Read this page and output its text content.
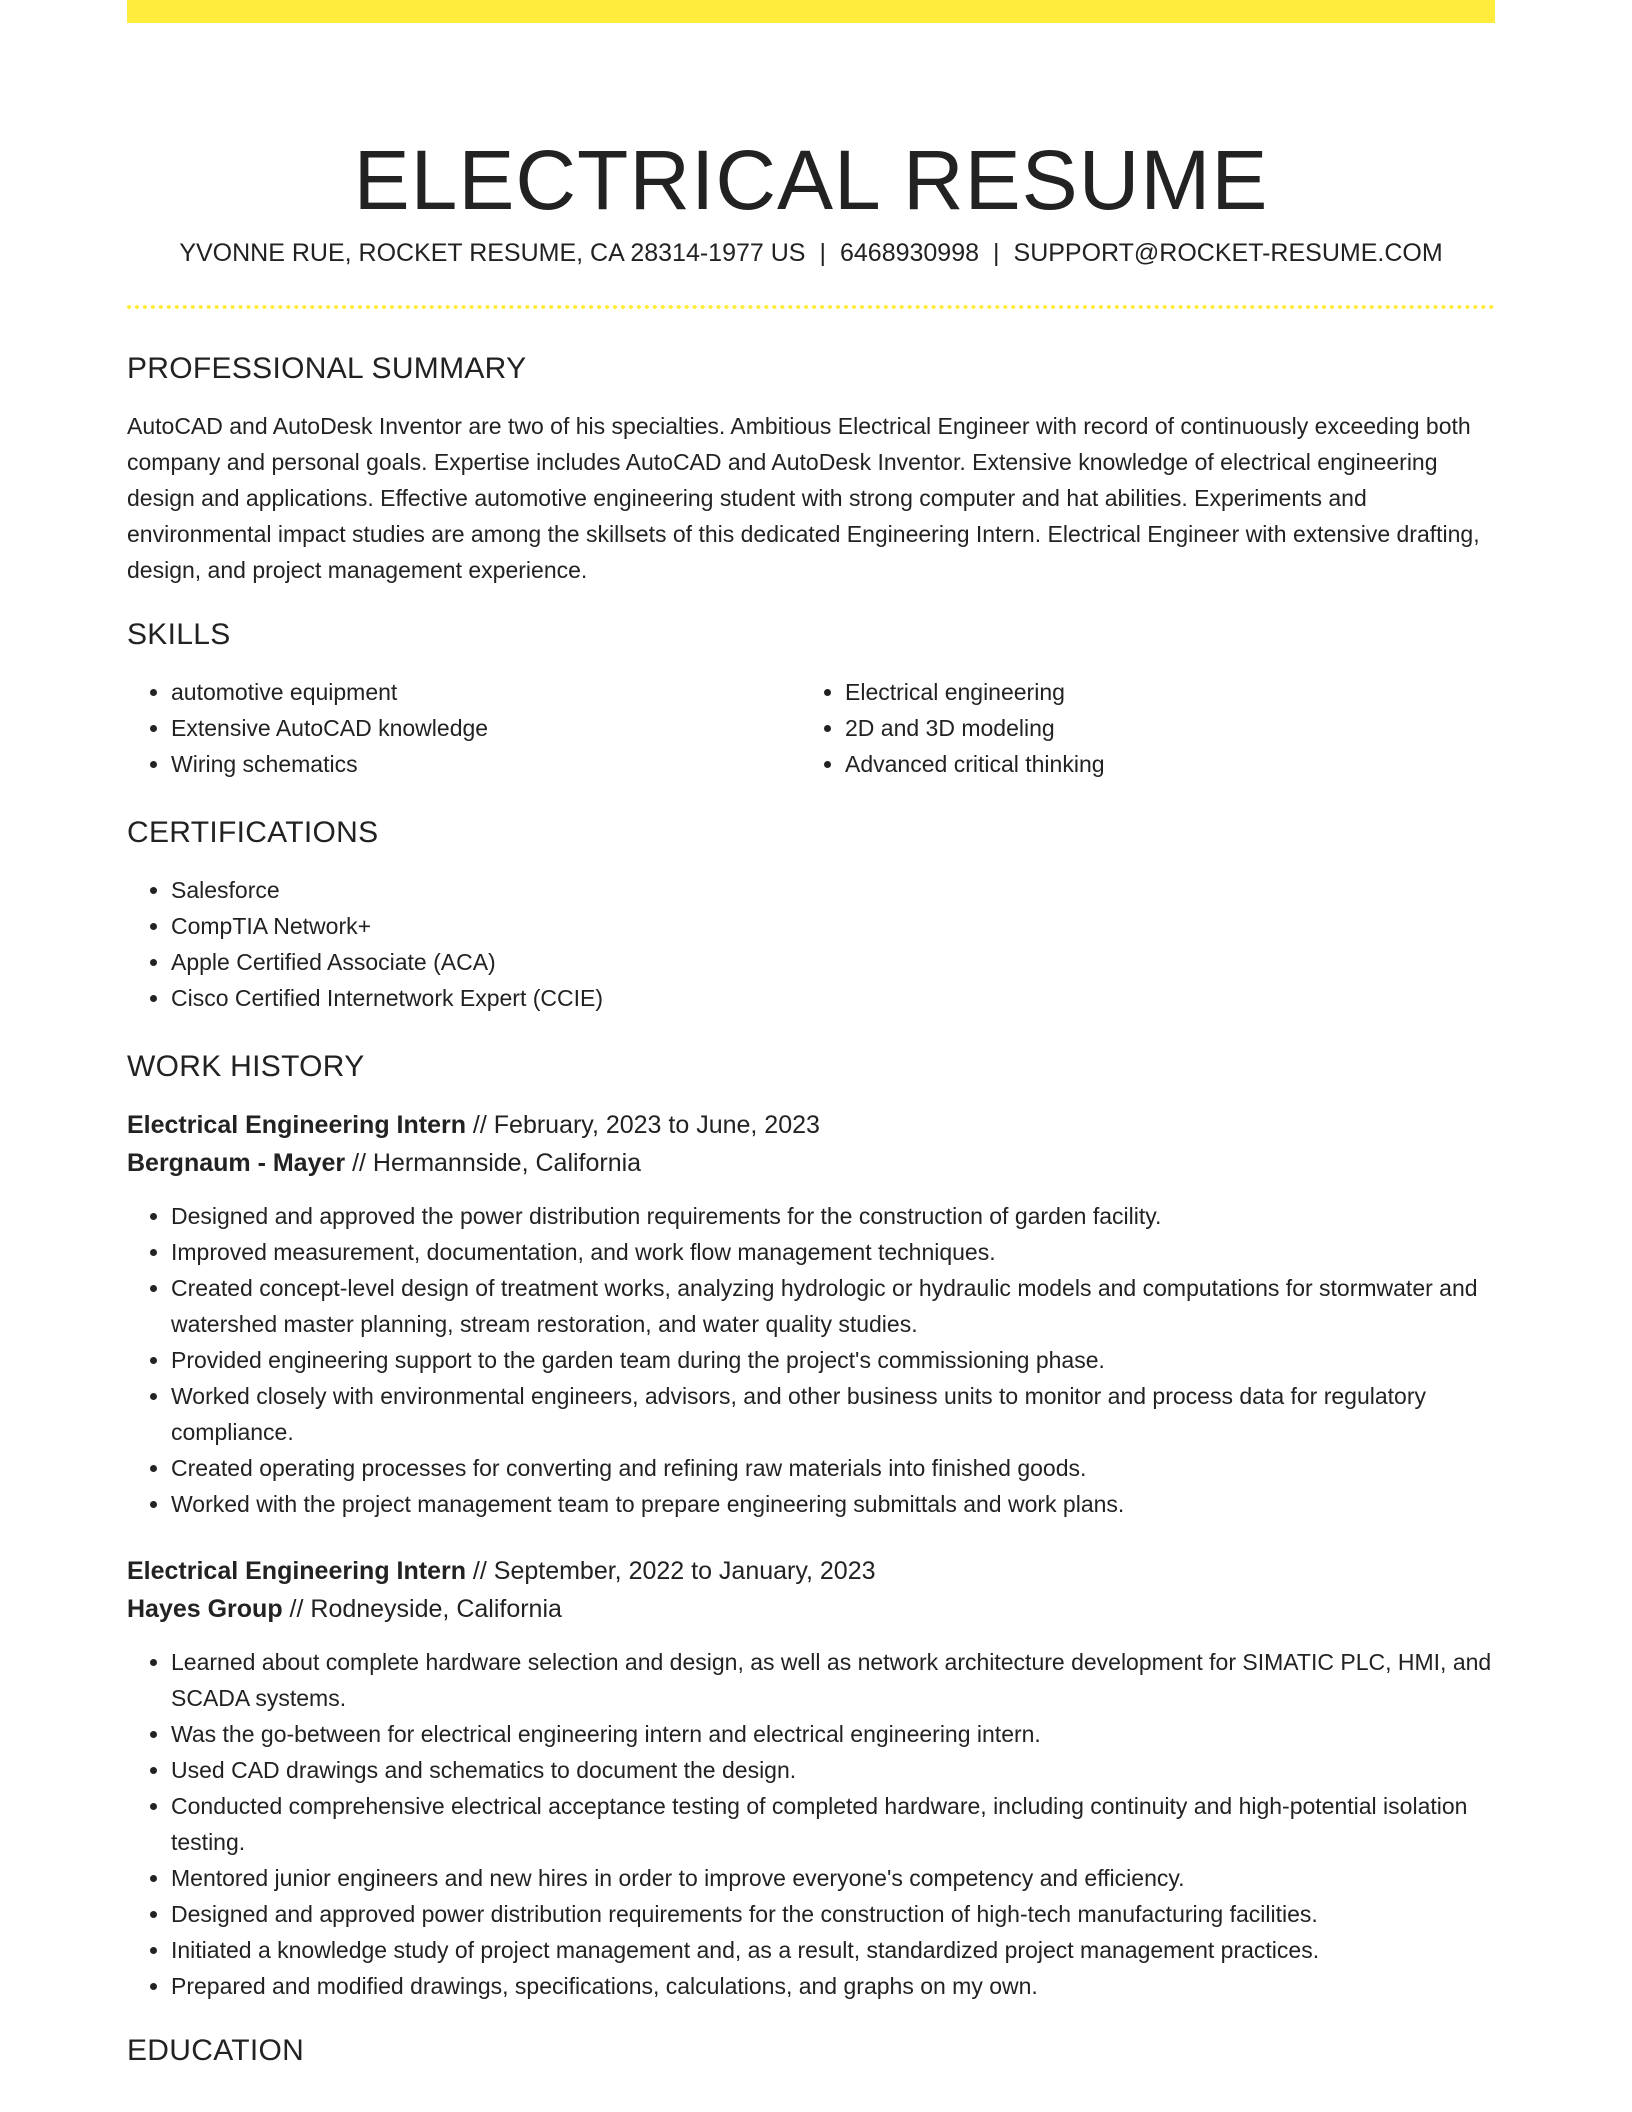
ELECTRICAL RESUME
YVONNE RUE, ROCKET RESUME, CA 28314-1977 US | 6468930998 | SUPPORT@ROCKET-RESUME.COM
PROFESSIONAL SUMMARY

AutoCAD and AutoDesk Inventor are two of his specialties. Ambitious Electrical Engineer with record of continuously exceeding both company and personal goals. Expertise includes AutoCAD and AutoDesk Inventor. Extensive knowledge of electrical engineering design and applications. Effective automotive engineering student with strong computer and hat abilities. Experiments and environmental impact studies are among the skillsets of this dedicated Engineering Intern. Electrical Engineer with extensive drafting, design, and project management experience.

SKILLS
• automotive equipment
• Extensive AutoCAD knowledge
• Wiring schematics
• Electrical engineering
• 2D and 3D modeling
• Advanced critical thinking
CERTIFICATIONS
• Salesforce
• CompTIA Network+
• Apple Certified Associate (ACA)
• Cisco Certified Internetwork Expert (CCIE)
WORK HISTORY
Electrical Engineering Intern // February, 2023 to June, 2023
Bergnaum - Mayer // Hermannside, California
• Designed and approved the power distribution requirements for the construction of garden facility.
• Improved measurement, documentation, and work flow management techniques.
• Created concept-level design of treatment works, analyzing hydrologic or hydraulic models and computations for stormwater and watershed master planning, stream restoration, and water quality studies.
• Provided engineering support to the garden team during the project's commissioning phase.
• Worked closely with environmental engineers, advisors, and other business units to monitor and process data for regulatory compliance.
• Created operating processes for converting and refining raw materials into finished goods.
• Worked with the project management team to prepare engineering submittals and work plans.
Electrical Engineering Intern // September, 2022 to January, 2023
Hayes Group // Rodneyside, California
• Learned about complete hardware selection and design, as well as network architecture development for SIMATIC PLC, HMI, and SCADA systems.
• Was the go-between for electrical engineering intern and electrical engineering intern.
• Used CAD drawings and schematics to document the design.
• Conducted comprehensive electrical acceptance testing of completed hardware, including continuity and high-potential isolation testing.
• Mentored junior engineers and new hires in order to improve everyone's competency and efficiency.
• Designed and approved power distribution requirements for the construction of high-tech manufacturing facilities.
• Initiated a knowledge study of project management and, as a result, standardized project management practices.
• Prepared and modified drawings, specifications, calculations, and graphs on my own.
EDUCATION
